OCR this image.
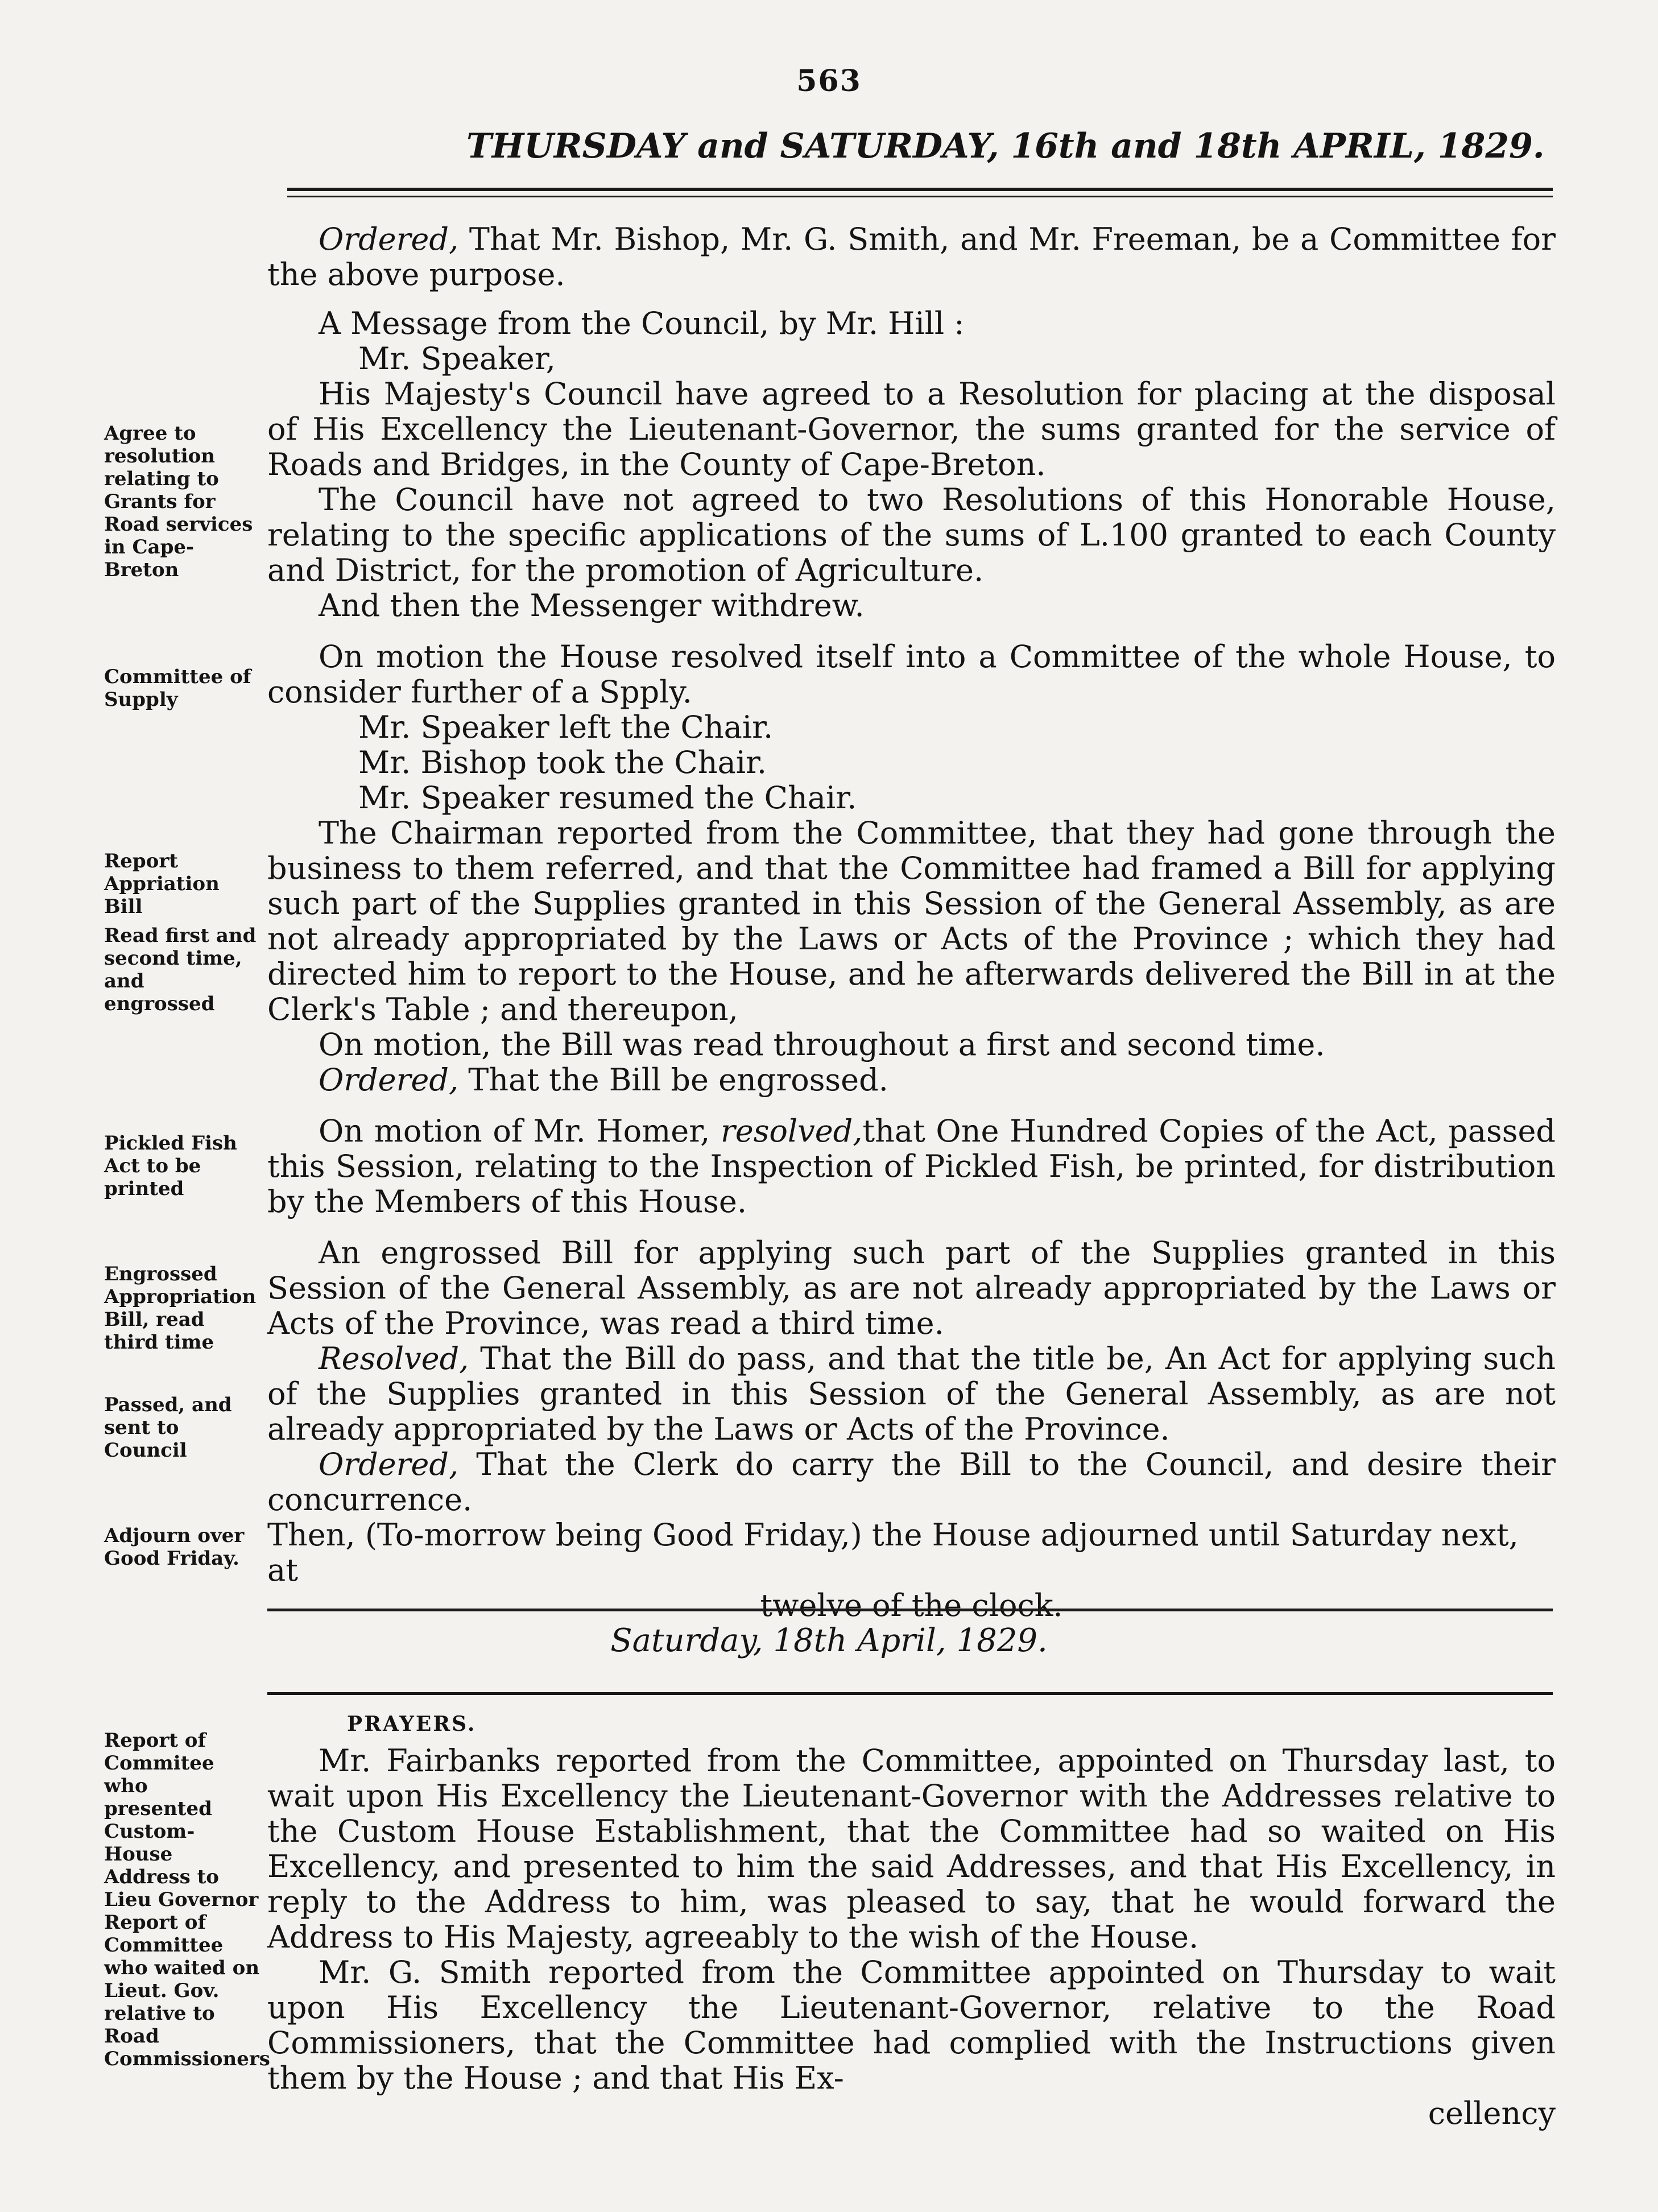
563
THURSDAY and SATURDAY, 16th and 18th APRIL, 1829.
Agree to resolution relating to Grants for Road services in Cape-Breton
Committee of Supply
Report Appriation Bill
Read first and second time, and engrossed
Pickled Fish Act to be printed
Engrossed Appropriation Bill, read third time
Passed, and sent to Council
Adjourn over Good Friday.
Report of Commitee who presented Custom-House Address to Lieu Governor
Report of Committee who waited on Lieut. Gov. relative to Road Commissioners

Ordered, That Mr. Bishop, Mr. G. Smith, and Mr. Freeman, be a Committee for the above purpose.

A Message from the Council, by Mr. Hill :

Mr. Speaker,

His Majesty's Council have agreed to a Resolution for placing at the disposal of His Excellency the Lieutenant-Governor, the sums granted for the service of Roads and Bridges, in the County of Cape-Breton.

The Council have not agreed to two Resolutions of this Honorable House, relating to the specific applications of the sums of L.100 granted to each County and District, for the promotion of Agriculture.

And then the Messenger withdrew.

On motion the House resolved itself into a Committee of the whole House, to consider further of a Spply.

Mr. Speaker left the Chair.

Mr. Bishop took the Chair.

Mr. Speaker resumed the Chair.

The Chairman reported from the Committee, that they had gone through the business to them referred, and that the Committee had framed a Bill for applying such part of the Supplies granted in this Session of the General Assembly, as are not already appropriated by the Laws or Acts of the Province ; which they had directed him to report to the House, and he afterwards delivered the Bill in at the Clerk's Table ; and thereupon,

On motion, the Bill was read throughout a first and second time.

Ordered, That the Bill be engrossed.

On motion of Mr. Homer, resolved,that One Hundred Copies of the Act, passed this Session, relating to the Inspection of Pickled Fish, be printed, for distribution by the Members of this House.

An engrossed Bill for applying such part of the Supplies granted in this Session of the General Assembly, as are not already appropriated by the Laws or Acts of the Province, was read a third time.

Resolved, That the Bill do pass, and that the title be, An Act for applying such of the Supplies granted in this Session of the General Assembly, as are not already appropriated by the Laws or Acts of the Province.

Ordered, That the Clerk do carry the Bill to the Council, and desire their concurrence.

Then, (To-morrow being Good Friday,) the House adjourned until Saturday next, at

twelve of the clock.

Saturday, 18th April, 1829.
PRAYERS.

Mr. Fairbanks reported from the Committee, appointed on Thursday last, to wait upon His Excellency the Lieutenant-Governor with the Addresses relative to the Custom House Establishment, that the Committee had so waited on His Excellency, and presented to him the said Addresses, and that His Excellency, in reply to the Address to him, was pleased to say, that he would forward the Address to His Majesty, agreeably to the wish of the House.

Mr. G. Smith reported from the Committee appointed on Thursday to wait upon His Excellency the Lieutenant-Governor, relative to the Road Commissioners, that the Committee had complied with the Instructions given them by the House ; and that His Ex-

cellency
